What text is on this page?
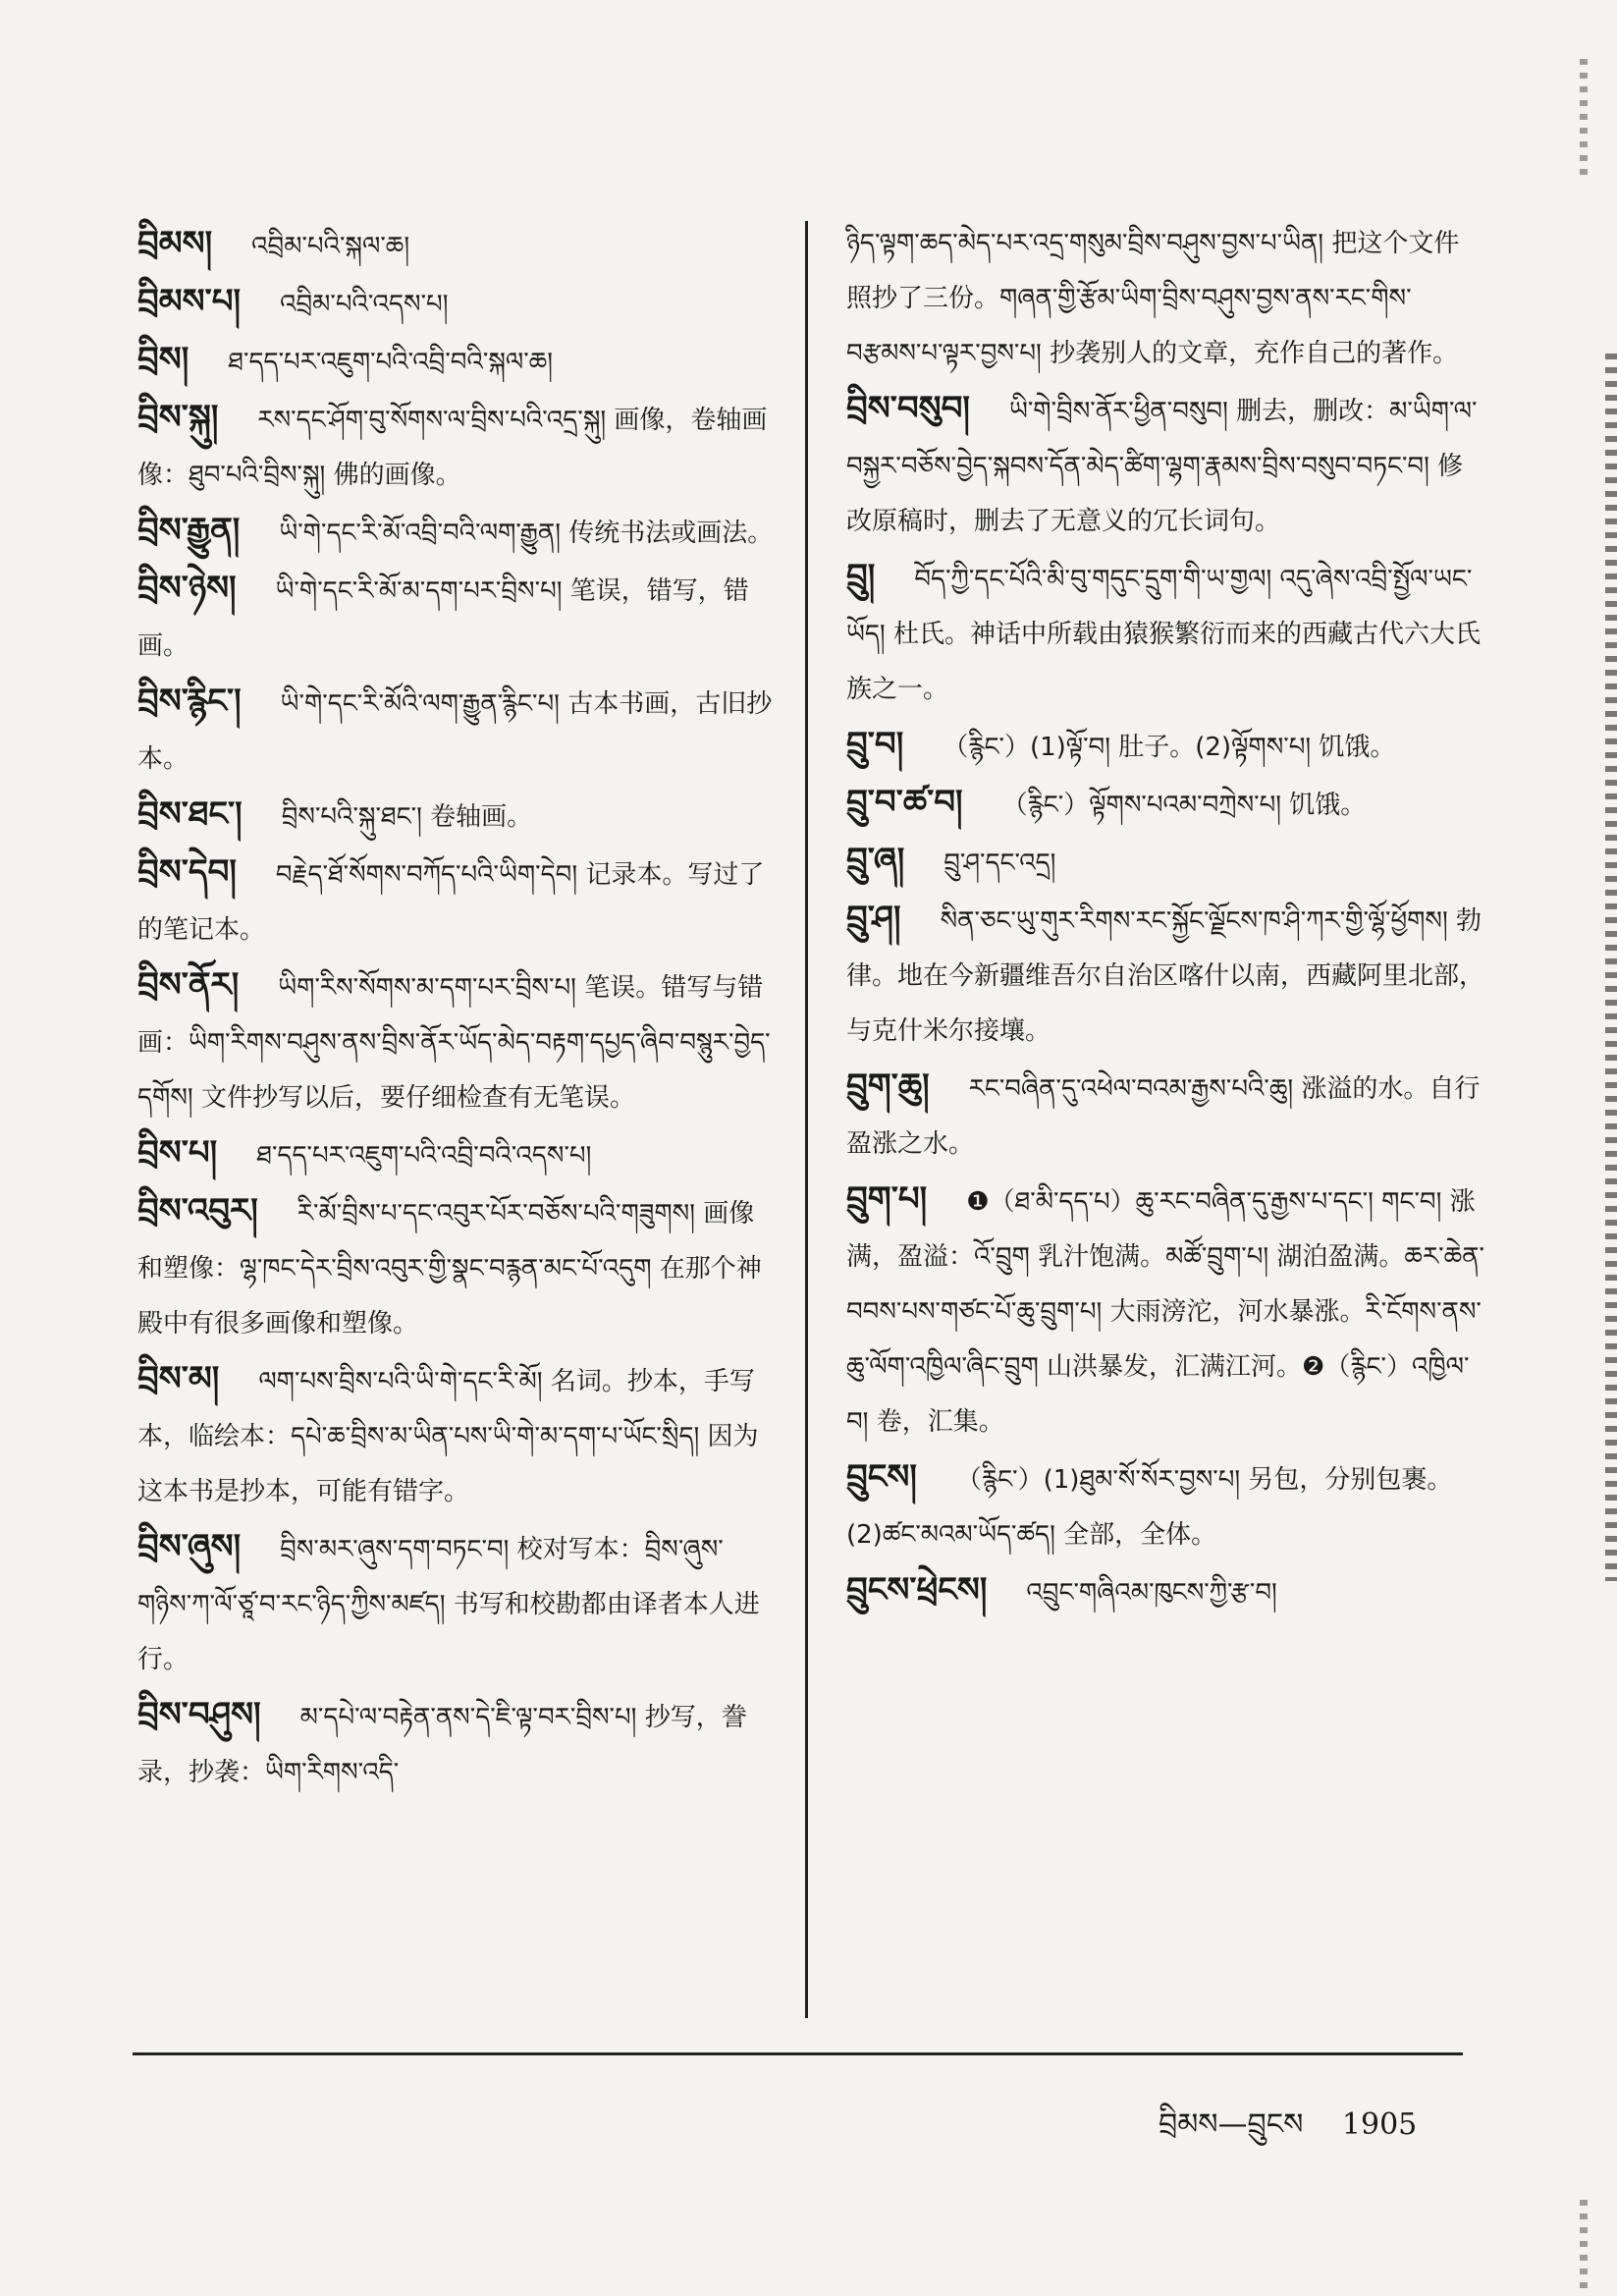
བྲིམས། འབྲིམ་པའི་སྐལ་ཆ།

བྲིམས་པ། འབྲིམ་པའི་འདས་པ།

བྲིས། ཐ་དད་པར་འཇུག་པའི་འབྲི་བའི་སྐལ་ཆ།

བྲིས་སྐུ། རས་དང་ཤོག་བུ་སོགས་ལ་བྲིས་པའི་འདྲ་སྐུ། 画像，卷轴画像：ཐུབ་པའི་བྲིས་སྐུ། 佛的画像。

བྲིས་རྒྱུན། ཡི་གེ་དང་རི་མོ་འབྲི་བའི་ལག་རྒྱུན། 传统书法或画法。

བྲིས་ཉེས། ཡི་གེ་དང་རི་མོ་མ་དག་པར་བྲིས་པ། 笔误，错写，错画。

བྲིས་རྙིང་། ཡི་གེ་དང་རི་མོའི་ལག་རྒྱུན་རྙིང་པ། 古本书画，古旧抄本。

བྲིས་ཐང་། བྲིས་པའི་སྐུ་ཐང་། 卷轴画。

བྲིས་དེབ། བརྗེད་ཐོ་སོགས་བཀོད་པའི་ཡིག་དེབ། 记录本。写过了的笔记本。

བྲིས་ནོར། ཡིག་རིས་སོགས་མ་དག་པར་བྲིས་པ། 笔误。错写与错画：ཡིག་རིགས་བཤུས་ནས་བྲིས་ནོར་ཡོད་མེད་བརྟག་དཔྱད་ཞིབ་བསྙུར་བྱེད་དགོས། 文件抄写以后，要仔细检查有无笔误。

བྲིས་པ། ཐ་དད་པར་འཇུག་པའི་འབྲི་བའི་འདས་པ།

བྲིས་འབུར། རི་མོ་བྲིས་པ་དང་འབུར་པོར་བཅོས་པའི་གཟུགས། 画像和塑像：ལྷ་ཁང་དེར་བྲིས་འབུར་གྱི་སྣང་བརྙན་མང་པོ་འདུག 在那个神殿中有很多画像和塑像。

བྲིས་མ། ལག་པས་བྲིས་པའི་ཡི་གེ་དང་རི་མོ། 名词。抄本，手写本，临绘本：དཔེ་ཆ་བྲིས་མ་ཡིན་པས་ཡི་གེ་མ་དག་པ་ཡོང་སྲིད། 因为这本书是抄本，可能有错字。

བྲིས་ཞུས། བྲིས་མར་ཞུས་དག་བཏང་བ། 校对写本：བྲིས་ཞུས་གཉིས་ཀ་ལོ་ཙཱ་བ་རང་ཉིད་ཀྱིས་མཛད། 书写和校勘都由译者本人进行。

བྲིས་བཤུས། མ་དཔེ་ལ་བརྟེན་ནས་དེ་ཇི་ལྟ་བར་བྲིས་པ། 抄写，誊录，抄袭：ཡིག་རིགས་འདི་

ཉིད་ལྟག་ཆད་མེད་པར་འདྲ་གསུམ་བྲིས་བཤུས་བྱས་པ་ཡིན། 把这个文件照抄了三份。གཞན་གྱི་རྩོམ་ཡིག་བྲིས་བཤུས་བྱས་ནས་རང་གིས་བརྩམས་པ་ལྟར་བྱས་པ། 抄袭别人的文章，充作自己的著作。

བྲིས་བསུབ། ཡི་གེ་བྲིས་ནོར་ཕྱིན་བསུབ། 删去，删改：མ་ཡིག་ལ་བསྐྱར་བཅོས་བྱེད་སྐབས་དོན་མེད་ཚིག་ལྷག་རྣམས་བྲིས་བསུབ་བཏང་བ། 修改原稿时，删去了无意义的冗长词句。

བྲུ། བོད་ཀྱི་དང་པོའི་མི་བུ་གདུང་དྲུག་གི་ཡ་གྱལ། འདུ་ཞེས་འབྲི་སྤྱོལ་ཡང་ཡོད། 杜氏。神话中所载由猿猴繁衍而来的西藏古代六大氏族之一。

བྲུ་བ། （རྙིང་）(1)ལྟོ་བ། 肚子。(2)ལྟོགས་པ། 饥饿。

བྲུ་བ་ཚ་བ། （རྙིང་）ལྟོགས་པའམ་བཀྲེས་པ། 饥饿。

བྲུ་ཞ། བྲུ་ཤ་དང་འདྲ།

བྲུ་ཤ། སིན་ཅང་ཡུ་གུར་རིགས་རང་སྐྱོང་ལྗོངས་ཁ་ཤི་ཀར་གྱི་ལྷོ་ཕྱོགས། 勃律。地在今新疆维吾尔自治区喀什以南，西藏阿里北部，与克什米尔接壤。

བྲུག་ཆུ། རང་བཞིན་དུ་འཕེལ་བའམ་རྒྱས་པའི་ཆུ། 涨溢的水。自行盈涨之水。

བྲུག་པ། ❶（ཐ་མི་དད་པ）ཆུ་རང་བཞིན་དུ་རྒྱས་པ་དང་། གང་བ། 涨满，盈溢：འོ་བྲུག 乳汁饱满。མཚོ་བྲུག་པ། 湖泊盈满。ཆར་ཆེན་བབས་པས་གཙང་པོ་ཆུ་བྲུག་པ། 大雨滂沱，河水暴涨。རི་ངོགས་ནས་ཆུ་ལོག་འཁྱིལ་ཞིང་བྲུག 山洪暴发，汇满江河。❷（རྙིང་）འཁྱིལ་བ། 卷，汇集。

བྲུངས། （རྙིང་）(1)ཐུམ་སོ་སོར་བྱས་པ། 另包，分别包裹。(2)ཚང་མའམ་ཡོད་ཚད། 全部，全体。

བྲུངས་ཕྲེངས། འབྲུང་གཞིའམ་ཁུངས་ཀྱི་རྩ་བ།

བྲིམས—བྲུངས 1905
